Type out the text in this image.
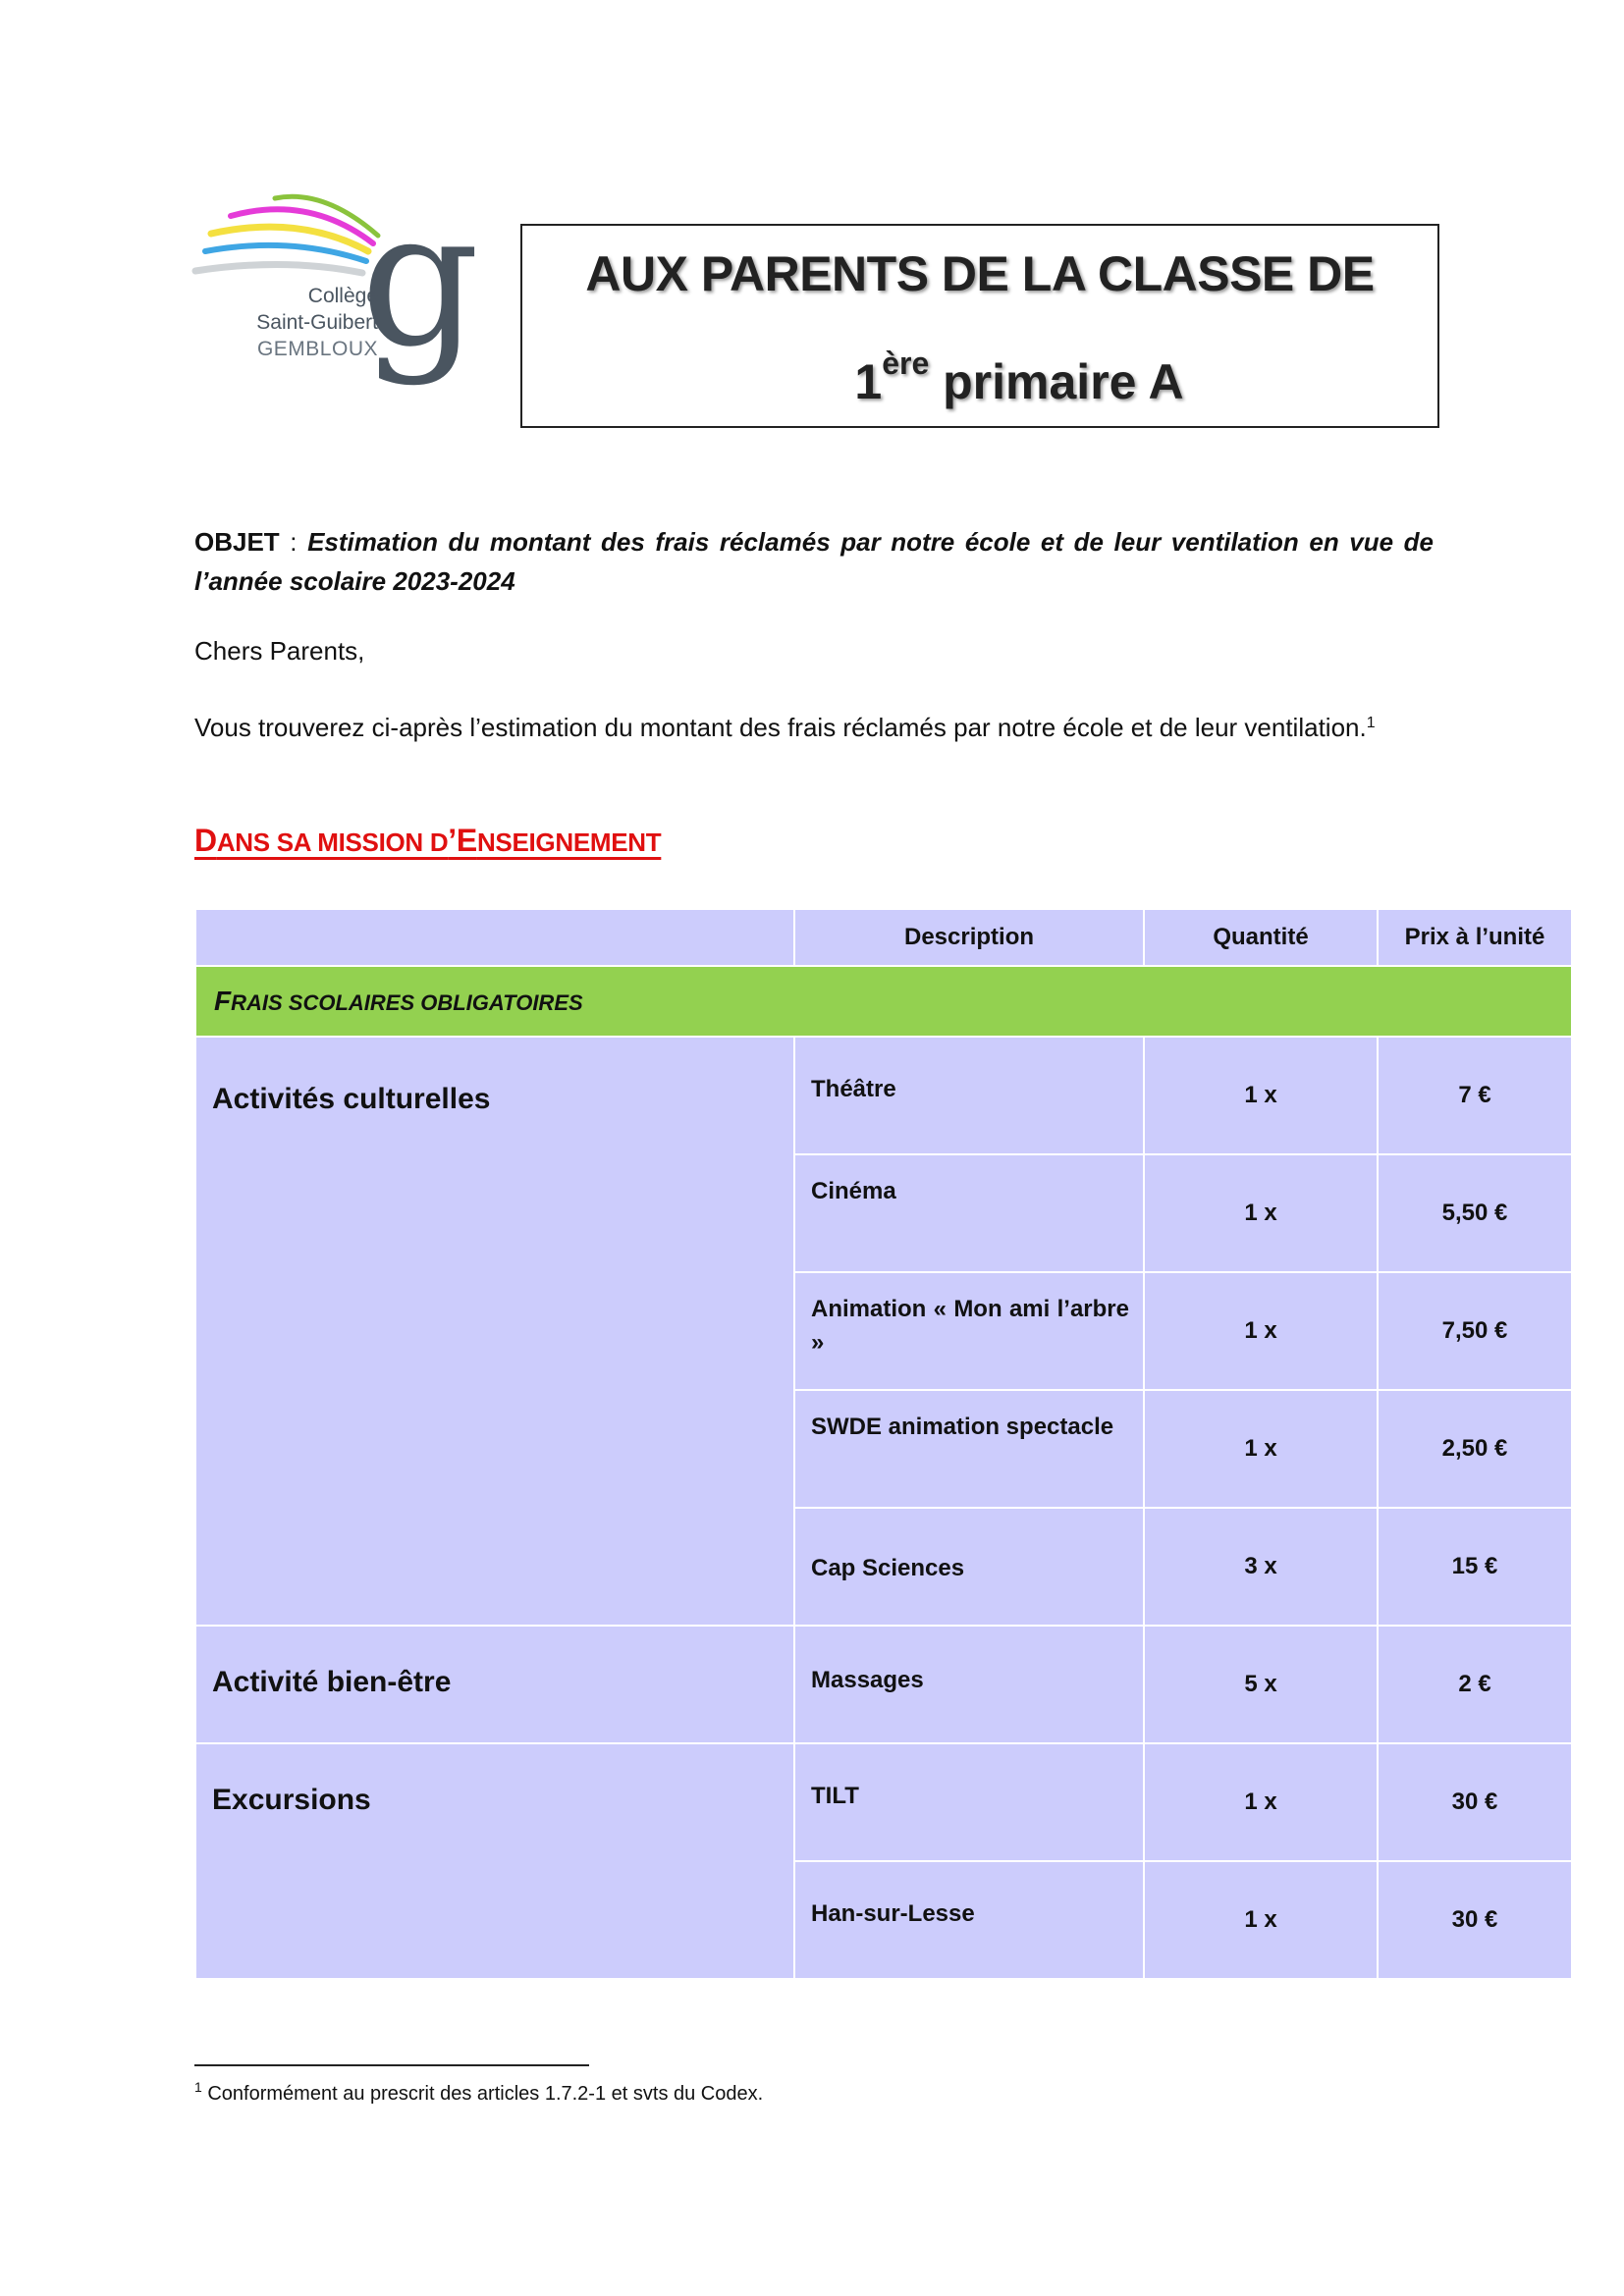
g
Collège
Saint-Guibert
GEMBLOUX
AUX PARENTS DE LA CLASSE DE
1ère primaire A
OBJET : Estimation du montant des frais réclamés par notre école et de leur ventilation en vue de l’année scolaire 2023-2024
Chers Parents,
Vous trouverez ci-après l’estimation du montant des frais réclamés par notre école et de leur ventilation.$^1$
DANS SA MISSION D’ENSEIGNEMENT
	Description	Quantité	Prix à l’unité
FRAIS SCOLAIRES OBLIGATOIRES			
Activités culturelles	Théâtre	1 x	7 €
	Cinéma	1 x	5,50 €
	Animation « Mon ami l’arbre »	1 x	7,50 €
	SWDE animation spectacle	1 x	2,50 €
	Cap Sciences	3 x	15 €
Activité bien-être	Massages	5 x	2 €
Excursions	TILT	1 x	30 €
	Han-sur-Lesse	1 x	30 €
$^1$ Conformément au prescrit des articles 1.7.2-1 et svts du Codex.
